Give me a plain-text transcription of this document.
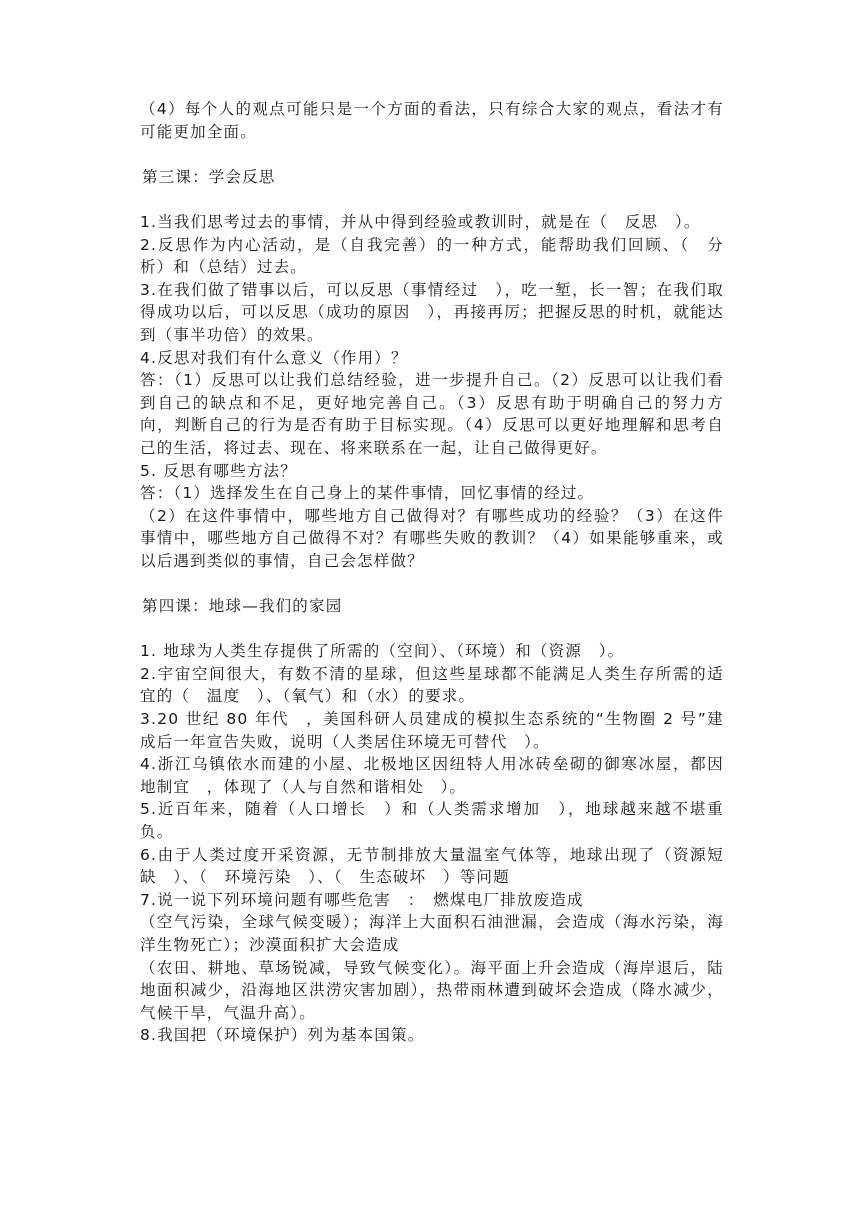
（4）每个人的观点可能只是一个方面的看法，只有综合大家的观点，看法才有可能更加全面。

第三课：学会反思

1.当我们思考过去的事情，并从中得到经验或教训时，就是在（　反思　）。

2.反思作为内心活动，是（自我完善）的一种方式，能帮助我们回顾、（　分析）和（总结）过去。

3.在我们做了错事以后，可以反思（事情经过　），吃一堑，长一智；在我们取得成功以后，可以反思（成功的原因　），再接再厉；把握反思的时机，就能达到（事半功倍）的效果。

4.反思对我们有什么意义（作用）？

答：（1）反思可以让我们总结经验，进一步提升自己。（2）反思可以让我们看到自己的缺点和不足，更好地完善自己。（3）反思有助于明确自己的努力方向，判断自己的行为是否有助于目标实现。（4）反思可以更好地理解和思考自己的生活，将过去、现在、将来联系在一起，让自己做得更好。

5. 反思有哪些方法？

答：（1）选择发生在自己身上的某件事情，回忆事情的经过。

（2）在这件事情中，哪些地方自己做得对？有哪些成功的经验？（3）在这件事情中，哪些地方自己做得不对？有哪些失败的教训？（4）如果能够重来，或以后遇到类似的事情，自己会怎样做？

第四课：地球—我们的家园

1. 地球为人类生存提供了所需的（空间）、（环境）和（资源　）。

2.宇宙空间很大，有数不清的星球，但这些星球都不能满足人类生存所需的适宜的（　温度　）、（氧气）和（水）的要求。

3.20 世纪 80 年代　，美国科研人员建成的模拟生态系统的“生物圈 2 号”建成后一年宣告失败，说明（人类居住环境无可替代　）。

4.浙江乌镇依水而建的小屋、北极地区因纽特人用冰砖垒砌的御寒冰屋，都因地制宜　，体现了（人与自然和谐相处　）。

5.近百年来，随着（人口增长　）和（人类需求增加　），地球越来越不堪重负。

6.由于人类过度开采资源，无节制排放大量温室气体等，地球出现了（资源短缺　）、（　环境污染　）、（　生态破坏　）等问题

7.说一说下列环境问题有哪些危害　：　燃煤电厂排放废造成

（空气污染，全球气候变暖）；海洋上大面积石油泄漏，会造成（海水污染，海洋生物死亡）；沙漠面积扩大会造成

（农田、耕地、草场锐减，导致气候变化）。海平面上升会造成（海岸退后，陆地面积减少，沿海地区洪涝灾害加剧），热带雨林遭到破坏会造成（降水减少，气候干旱，气温升高）。

8.我国把（环境保护）列为基本国策。
